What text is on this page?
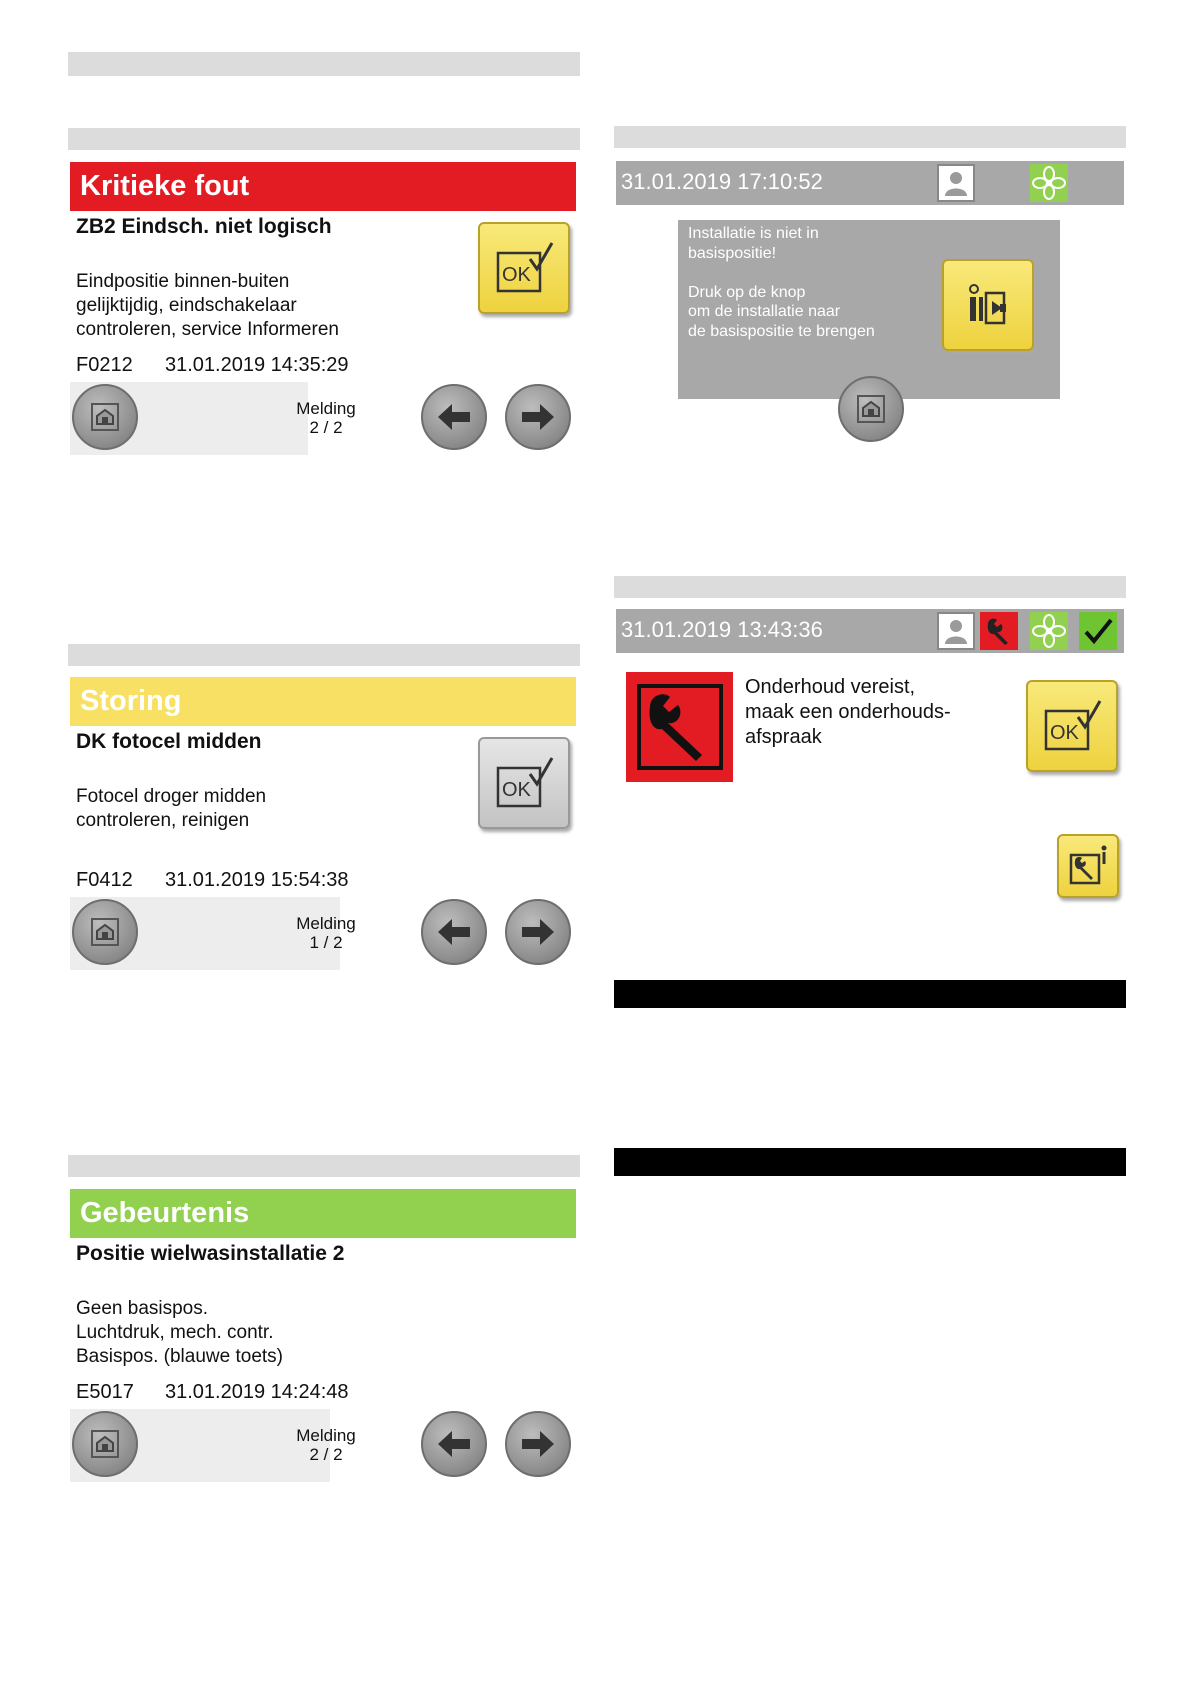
Kritieke fout
ZB2 Eindsch. niet logisch
Eindpositie binnen-buiten
gelijktijdig, eindschakelaar
controleren, service Informeren
F0212 31.01.2019 14:35:29
Melding
2 / 2
OK
Storing
DK fotocel midden
Fotocel droger midden
controleren, reinigen
F0412 31.01.2019 15:54:38
Melding
1 / 2
OK
Gebeurtenis
Positie wielwasinstallatie 2
Geen basispos.
Luchtdruk, mech. contr.
Basispos. (blauwe toets)
E5017 31.01.2019 14:24:48
Melding
2 / 2
31.01.2019 17:10:52
Installatie is niet in
basispositie!
Druk op de knop
om de installatie naar
de basispositie te brengen
31.01.2019 13:43:36
Onderhoud vereist,
maak een onderhouds-
afspraak	OK
